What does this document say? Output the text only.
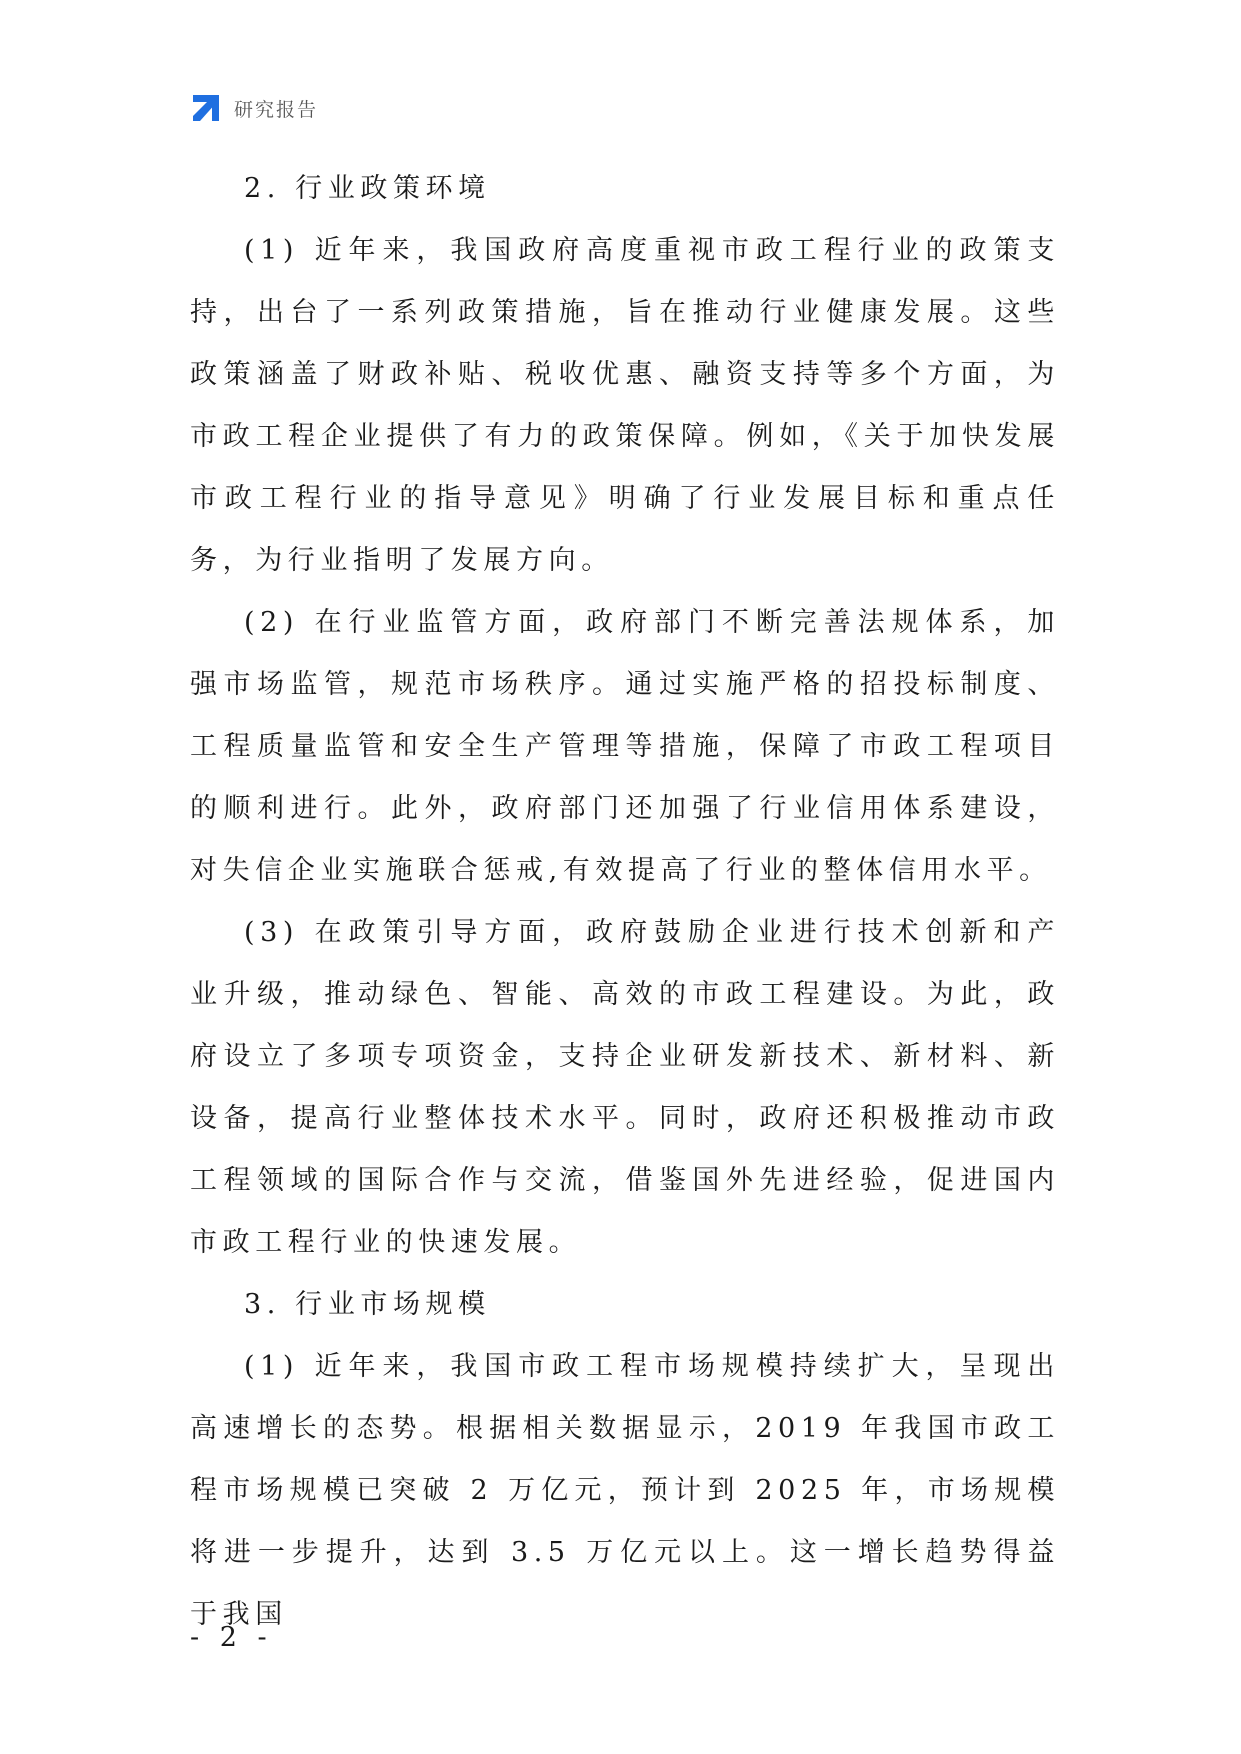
研究报告

2. 行业政策环境

(1) 近年来，我国政府高度重视市政工程行业的政策支持，出台了一系列政策措施，旨在推动行业健康发展。这些政策涵盖了财政补贴、税收优惠、融资支持等多个方面，为市政工程企业提供了有力的政策保障。例如，《关于加快发展市政工程行业的指导意见》明确了行业发展目标和重点任务，为行业指明了发展方向。

(2) 在行业监管方面，政府部门不断完善法规体系，加强市场监管，规范市场秩序。通过实施严格的招投标制度、工程质量监管和安全生产管理等措施，保障了市政工程项目的顺利进行。此外，政府部门还加强了行业信用体系建设，对失信企业实施联合惩戒,有效提高了行业的整体信用水平。

(3) 在政策引导方面，政府鼓励企业进行技术创新和产业升级，推动绿色、智能、高效的市政工程建设。为此，政府设立了多项专项资金，支持企业研发新技术、新材料、新设备，提高行业整体技术水平。同时，政府还积极推动市政工程领域的国际合作与交流，借鉴国外先进经验，促进国内市政工程行业的快速发展。

3. 行业市场规模

(1) 近年来，我国市政工程市场规模持续扩大，呈现出高速增长的态势。根据相关数据显示，2019 年我国市政工程市场规模已突破 2 万亿元，预计到 2025 年，市场规模将进一步提升，达到 3.5 万亿元以上。这一增长趋势得益于我国

- 2 -
